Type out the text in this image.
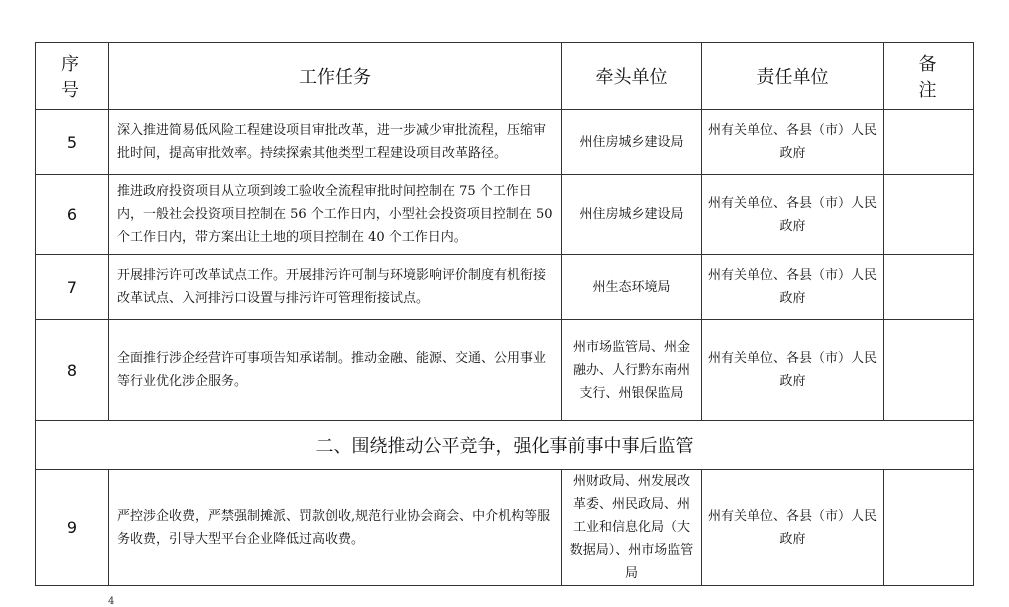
序号	工作任务	牵头单位	责任单位	备注
5	深入推进简易低风险工程建设项目审批改革，进一步减少审批流程，压缩审批时间，提高审批效率。持续探索其他类型工程建设项目改革路径。	州住房城乡建设局	州有关单位、各县（市）人民政府	
6	推进政府投资项目从立项到竣工验收全流程审批时间控制在 75 个工作日内，一般社会投资项目控制在 56 个工作日内，小型社会投资项目控制在 50 个工作日内，带方案出让土地的项目控制在 40 个工作日内。	州住房城乡建设局	州有关单位、各县（市）人民政府	
7	开展排污许可改革试点工作。开展排污许可制与环境影响评价制度有机衔接改革试点、入河排污口设置与排污许可管理衔接试点。	州生态环境局	州有关单位、各县（市）人民政府	
8	全面推行涉企经营许可事项告知承诺制。推动金融、能源、交通、公用事业等行业优化涉企服务。	州市场监管局、州金融办、人行黔东南州支行、州银保监局	州有关单位、各县（市）人民政府	
二、围绕推动公平竞争，强化事前事中事后监管				
9	严控涉企收费，严禁强制摊派、罚款创收,规范行业协会商会、中介机构等服务收费，引导大型平台企业降低过高收费。	州财政局、州发展改革委、州民政局、州工业和信息化局（大数据局）、州市场监管局	州有关单位、各县（市）人民政府	
4
